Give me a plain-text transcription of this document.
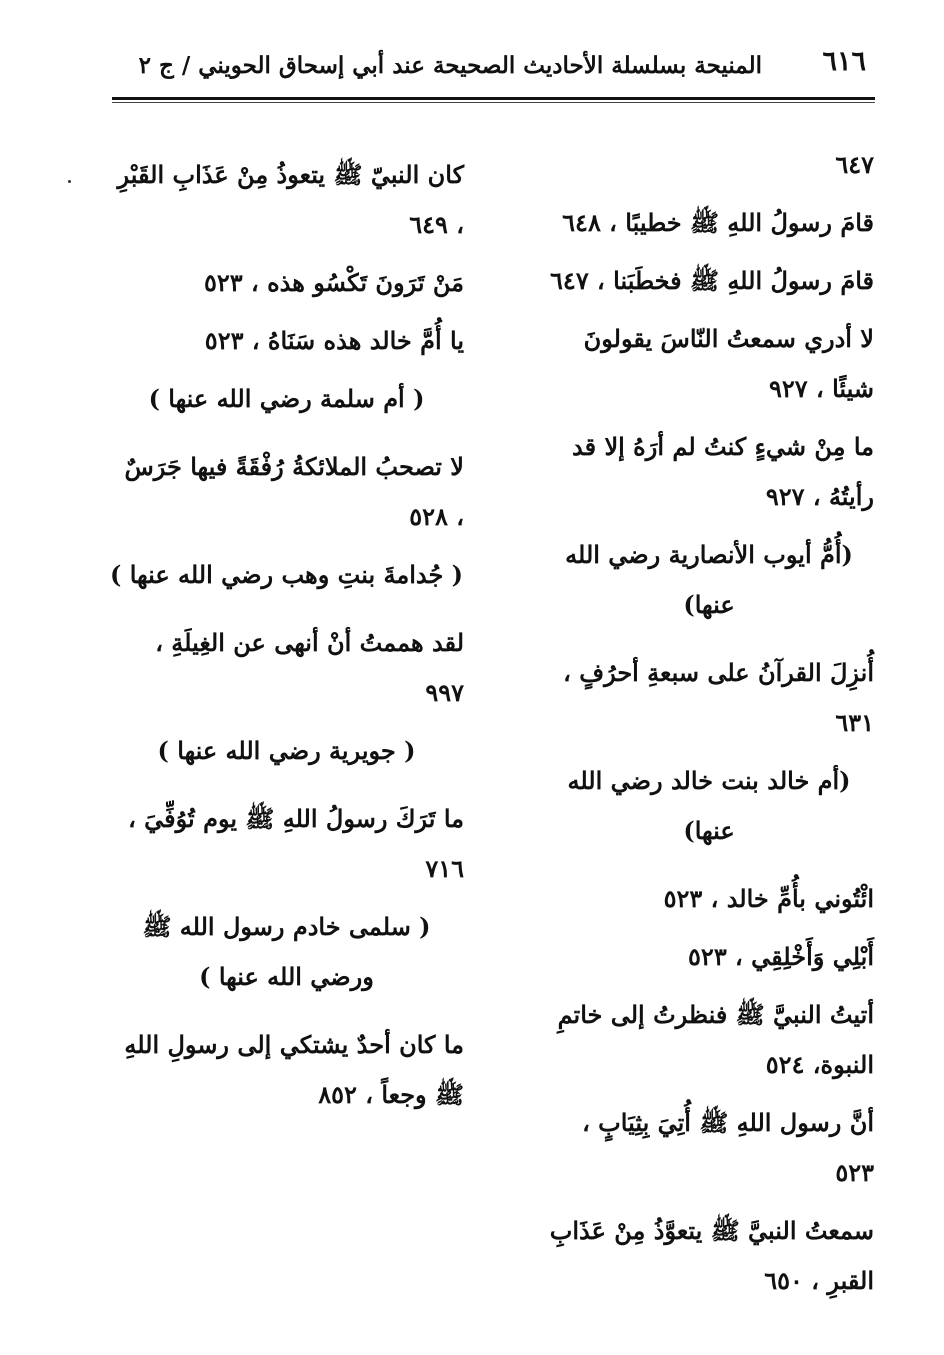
٦١٦
المنيحة بسلسلة الأحاديث الصحيحة عند أبي إسحاق الحويني / ج ٢
٦٤٧
قامَ رسولُ اللهِ ﷺ خطيبًا ، ٦٤٨
قامَ رسولُ اللهِ ﷺ فخطَبَنا ، ٦٤٧
لا أدري سمعتُ النّاسَ يقولونَ شيئًا ، ٩٢٧
ما مِنْ شيءٍ كنتُ لم أرَهُ إلا قد رأيتُهُ ، ٩٢٧
(أُمُّ أيوب الأنصارية رضي الله عنها)
أُنزِلَ القرآنُ على سبعةِ أحرُفٍ ، ٦٣١
(أم خالد بنت خالد رضي الله عنها)
ائْتُوني بأُمِّ خالد ، ٥٢٣
أَبْلِي وَأَخْلِقِي ، ٥٢٣
أتيتُ النبيَّ ﷺ فنظرتُ إلى خاتمِ النبوة، ٥٢٤
أنَّ رسول اللهِ ﷺ أُتِيَ بِثِيَابٍ ، ٥٢٣
سمعتُ النبيَّ ﷺ يتعوَّذُ مِنْ عَذَابِ القبرِ ، ٦٥٠
كان النبيّ ﷺ يتعوذُ مِنْ عَذَابِ القَبْرِ ، ٦٤٩
مَنْ تَرَونَ تَكْسُو هذه ، ٥٢٣
يا أُمَّ خالد هذه سَنَاهُ ، ٥٢٣
( أم سلمة رضي الله عنها )
لا تصحبُ الملائكةُ رُفْقَةً فيها جَرَسٌ ، ٥٢٨
( جُدامةَ بنتِ وهب رضي الله عنها )
لقد هممتُ أنْ أنهى عن الغِيلَةِ ، ٩٩٧
( جويرية رضي الله عنها )
ما تَرَكَ رسولُ اللهِ ﷺ يوم تُوُفِّيَ ، ٧١٦
( سلمى خادم رسول الله ﷺ ورضي الله عنها )
ما كان أحدٌ يشتكي إلى رسولِ اللهِ ﷺ وجعاً ، ٨٥٢
